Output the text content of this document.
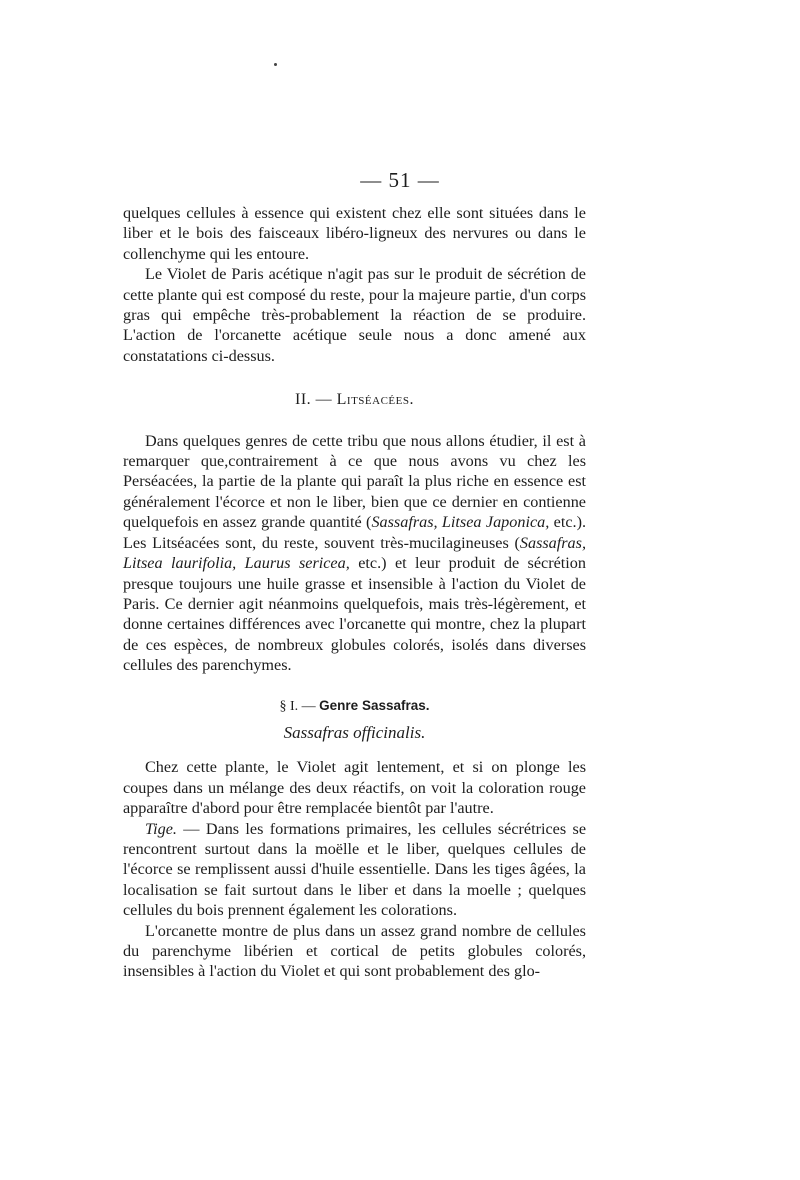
— 51 —

quelques cellules à essence qui existent chez elle sont situées dans le liber et le bois des faisceaux libéro-ligneux des nervures ou dans le collenchyme qui les entoure.

Le Violet de Paris acétique n'agit pas sur le produit de sécrétion de cette plante qui est composé du reste, pour la majeure partie, d'un corps gras qui empêche très-probablement la réaction de se produire. L'action de l'orcanette acétique seule nous a donc amené aux constatations ci-dessus.

II. — Litséacées.

Dans quelques genres de cette tribu que nous allons étudier, il est à remarquer que,contrairement à ce que nous avons vu chez les Perséacées, la partie de la plante qui paraît la plus riche en essence est généralement l'écorce et non le liber, bien que ce dernier en contienne quelquefois en assez grande quantité (Sassafras, Litsea Japonica, etc.). Les Litséacées sont, du reste, souvent très-mucilagineuses (Sassafras, Litsea laurifolia, Laurus sericea, etc.) et leur produit de sécrétion presque toujours une huile grasse et insensible à l'action du Violet de Paris. Ce dernier agit néanmoins quelquefois, mais très-légèrement, et donne certaines différences avec l'orcanette qui montre, chez la plupart de ces espèces, de nombreux globules colorés, isolés dans diverses cellules des parenchymes.

§ I. — Genre Sassafras.
Sassafras officinalis.

Chez cette plante, le Violet agit lentement, et si on plonge les coupes dans un mélange des deux réactifs, on voit la coloration rouge apparaître d'abord pour être remplacée bientôt par l'autre.

Tige. — Dans les formations primaires, les cellules sécrétrices se rencontrent surtout dans la moëlle et le liber, quelques cellules de l'écorce se remplissent aussi d'huile essentielle. Dans les tiges âgées, la localisation se fait surtout dans le liber et dans la moelle ; quelques cellules du bois prennent également les colorations.

L'orcanette montre de plus dans un assez grand nombre de cellules du parenchyme libérien et cortical de petits globules colorés, insensibles à l'action du Violet et qui sont probablement des glo-
